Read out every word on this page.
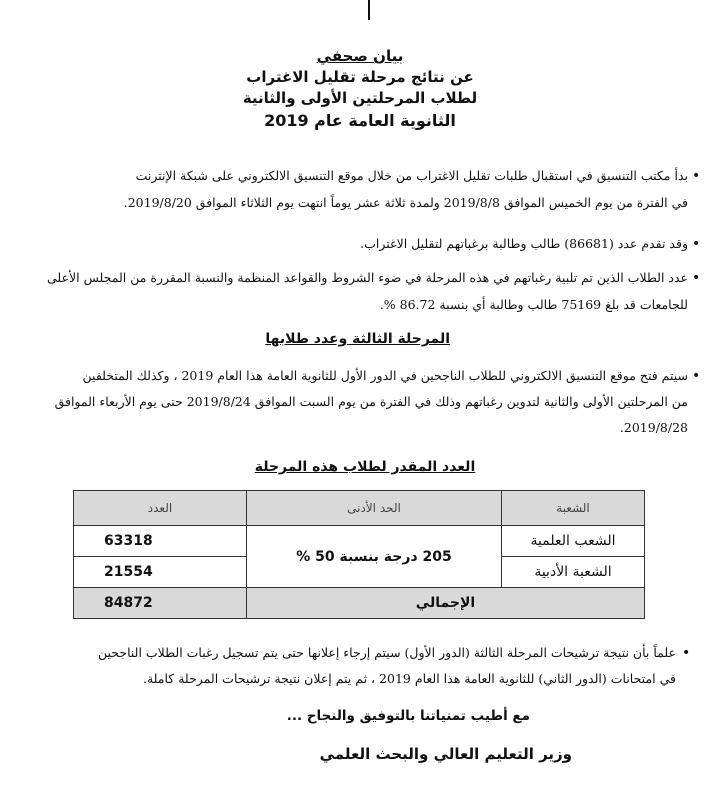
بيان صحفي
عن نتائج مرحلة تقليل الاغتراب
لطلاب المرحلتين الأولى والثانية
الثانوية العامة عام 2019
•
بدأ مكتب التنسيق في استقبال طلبات تقليل الاغتراب من خلال موقع التنسيق الالكتروني على شبكة الإنترنت
في الفترة من يوم الخميس الموافق 2019/8/8 ولمدة ثلاثة عشر يوماً انتهت يوم الثلاثاء الموافق 2019/8/20.
•
وقد تقدم عدد (86681) طالب وطالبة برغباتهم لتقليل الاغتراب.
•
عدد الطلاب الذين تم تلبية رغباتهم في هذه المرحلة في ضوء الشروط والقواعد المنظمة والنسبة المقررة من المجلس الأعلى
للجامعات قد بلغ 75169 طالب وطالبة أي بنسبة 86.72 %.
المرحلة الثالثة وعدد طلابها
•
سيتم فتح موقع التنسيق الالكتروني للطلاب الناجحين في الدور الأول للثانوية العامة هذا العام 2019 ، وكذلك المتخلفين
من المرحلتين الأولى والثانية لتدوين رغباتهم وذلك في الفترة من يوم السبت الموافق 2019/8/24 حتى يوم الأربعاء الموافق
2019/8/28.
العدد المقدر لطلاب هذه المرحلة
الشعبة	الحد الأدنى	العدد
الشعب العلمية	205 درجة بنسبة 50 %	63318
الشعبة الأدبية		21554
الإجمالي		84872
•
علماً بأن نتيجة ترشيحات المرحلة الثالثة (الدور الأول) سيتم إرجاء إعلانها حتى يتم تسجيل رغبات الطلاب الناجحين
في امتحانات (الدور الثاني) للثانوية العامة هذا العام 2019 ، ثم يتم إعلان نتيجة ترشيحات المرحلة كاملة.
مع أطيب تمنياتنا بالتوفيق والنجاح ...
وزير التعليم العالي والبحث العلمي
